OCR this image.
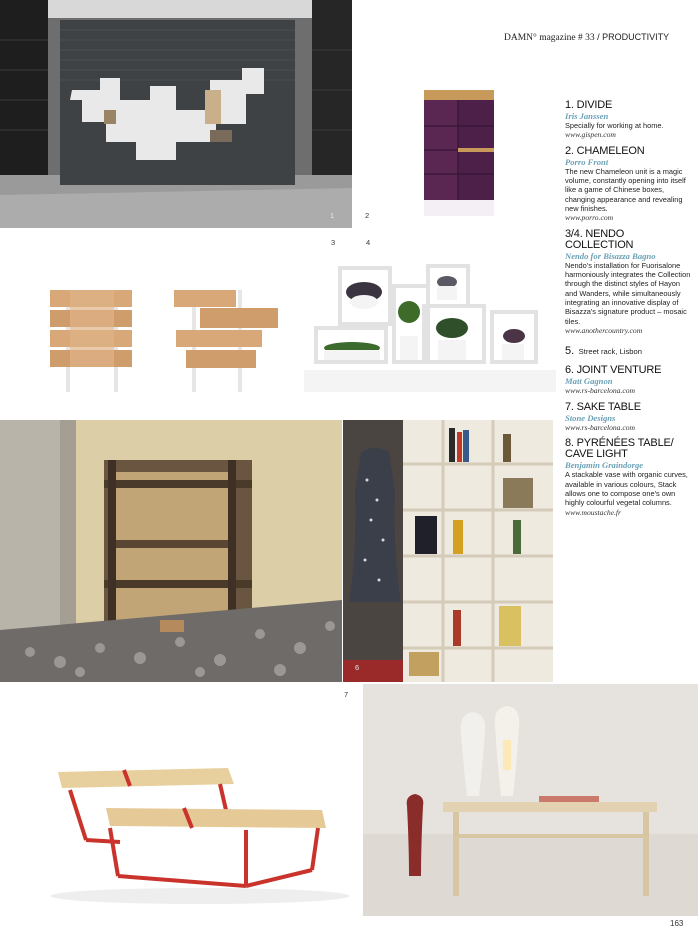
DAMN° magazine # 33 / PRODUCTIVITY
1	2
3	4
6
7
1. DIVIDE
Iris Janssen
Specially for working at home.
www.gispen.com
2. CHAMELEON
Porro Front
The new Chameleon unit is a magic volume, constantly opening into itself like a game of Chinese boxes, changing appearance and revealing new finishes.
www.porro.com
3/4. NENDO COLLECTION
Nendo for Bisazza Bagno
Nendo's installation for Fuorisalone harmoniously integrates the Collection through the distinct styles of Hayon and Wanders, while simultaneously integrating an innovative display of Bisazza's signature product – mosaic tiles.
www.anothercountry.com
5. Street rack, Lisbon
6. JOINT VENTURE
Matt Gagnon
www.rs-barcelona.com
7. SAKE TABLE
Stone Designs
www.rs-barcelona.com
8. PYRÉNÉES TABLE/ CAVE LIGHT
Benjamin Graindorge
A stackable vase with organic curves, available in various colours, Stack allows one to compose one's own highly colourful vegetal columns.
www.moustache.fr
163
